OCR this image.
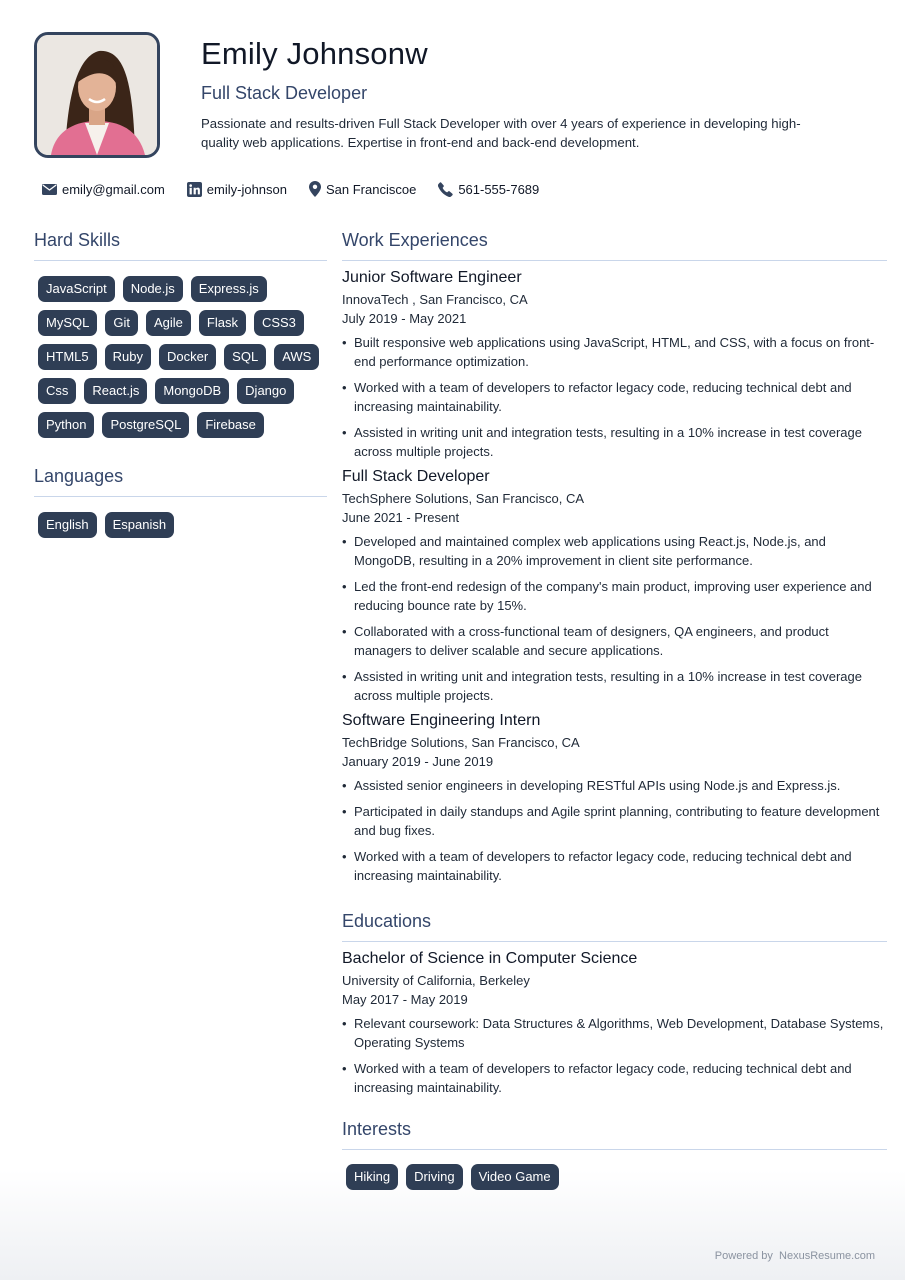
Emily Johnsonw
Full Stack Developer
Passionate and results-driven Full Stack Developer with over 4 years of experience in developing high-quality web applications. Expertise in front-end and back-end development.
emily@gmail.com	emily-johnson	San Franciscoe	561-555-7689
Hard Skills
JavaScript	Node.js	Express.js
MySQL	Git	Agile	Flask	CSS3
HTML5	Ruby	Docker	SQL	AWS
Css	React.js	MongoDB	Django
Python	PostgreSQL	Firebase
Languages
English	Espanish
Work Experiences
Junior Software Engineer
InnovaTech , San Francisco, CA
July 2019 - May 2021
• Built responsive web applications using JavaScript, HTML, and CSS, with a focus on front-end performance optimization.
• Worked with a team of developers to refactor legacy code, reducing technical debt and increasing maintainability.
• Assisted in writing unit and integration tests, resulting in a 10% increase in test coverage across multiple projects.
Full Stack Developer
TechSphere Solutions, San Francisco, CA
June 2021 - Present
• Developed and maintained complex web applications using React.js, Node.js, and MongoDB, resulting in a 20% improvement in client site performance.
• Led the front-end redesign of the company's main product, improving user experience and reducing bounce rate by 15%.
• Collaborated with a cross-functional team of designers, QA engineers, and product managers to deliver scalable and secure applications.
• Assisted in writing unit and integration tests, resulting in a 10% increase in test coverage across multiple projects.
Software Engineering Intern
TechBridge Solutions, San Francisco, CA
January 2019 - June 2019
• Assisted senior engineers in developing RESTful APIs using Node.js and Express.js.
• Participated in daily standups and Agile sprint planning, contributing to feature development and bug fixes.
• Worked with a team of developers to refactor legacy code, reducing technical debt and increasing maintainability.
Educations
Bachelor of Science in Computer Science
University of California, Berkeley
May 2017 - May 2019
• Relevant coursework: Data Structures & Algorithms, Web Development, Database Systems, Operating Systems
• Worked with a team of developers to refactor legacy code, reducing technical debt and increasing maintainability.
Interests
Hiking	Driving	Video Game
Powered by NexusResume.com
